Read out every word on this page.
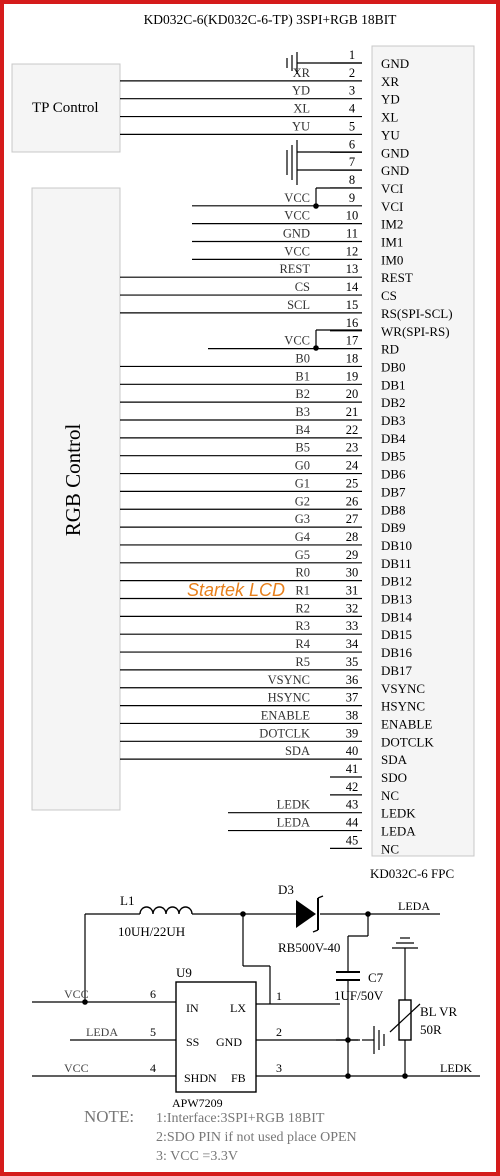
KD032C-6(KD032C-6-TP) 3SPI+RGB 18BIT
KD032C-6 FPC
TP Control
RGB Control
1
GND
2
XR
XR
3
YD
YD
4
XL
XL
5
YU
YU
6
GND
7
GND
8
VCI
9
VCI
VCC
10
IM2
VCC
11
IM1
GND
12
IM0
VCC
13
REST
REST
14
CS
CS
15
RS(SPI-SCL)
SCL
16
WR(SPI-RS)
17
RD
VCC
18
DB0
B0
19
DB1
B1
20
DB2
B2
21
DB3
B3
22
DB4
B4
23
DB5
B5
24
DB6
G0
25
DB7
G1
26
DB8
G2
27
DB9
G3
28
DB10
G4
29
DB11
G5
30
DB12
R0
31
DB13
R1
32
DB14
R2
33
DB15
R3
34
DB16
R4
35
DB17
R5
36
VSYNC
VSYNC
37
HSYNC
HSYNC
38
ENABLE
ENABLE
39
DOTCLK
DOTCLK
40
SDA
SDA
41
SDO
42
NC
43
LEDK
LEDK
44
LEDA
LEDA
45
NC
Startek LCD
L1
10UH/22UH
D3
RB500V-40
LEDA
C7
1UF/50V
BL VR
50R
U9
APW7209
IN	LX
SS GND
SHDN FB
6
5
4
1
2
3
VCC
LEDA
VCC	LEDK
NOTE: 1:Interface:3SPI+RGB 18BIT
2:SDO PIN if not used place OPEN
3: VCC =3.3V
